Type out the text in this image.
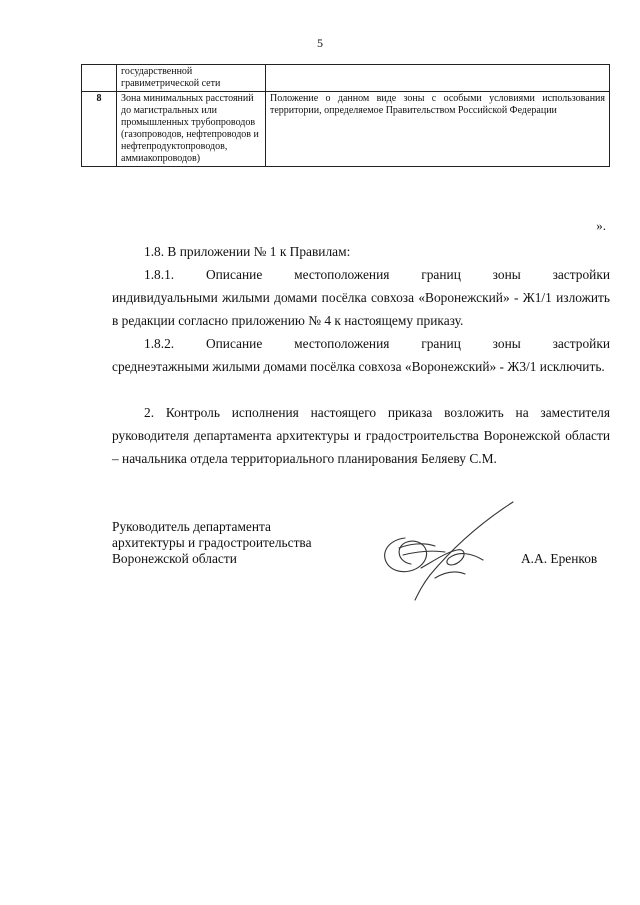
5
	государственной гравиметрической сети	
8	Зона минимальных расстояний до магистральных или промышленных трубопроводов (газопроводов, нефтепроводов и нефтепродуктопроводов, аммиакопроводов)	Положение о данном виде зоны с особыми условиями использования территории, определяемое Правительством Российской Федерации
».
1.8. В приложении № 1 к Правилам:
1.8.1. Описание местоположения границ зоны застройки
индивидуальными жилыми домами посёлка совхоза «Воронежский» - Ж1/1 изложить в редакции согласно приложению № 4 к настоящему приказу.
1.8.2. Описание местоположения границ зоны застройки
среднеэтажными жилыми домами посёлка совхоза «Воронежский» - Ж3/1 исключить.
2. Контроль исполнения настоящего приказа возложить на заместителя руководителя департамента архитектуры и градостроительства Воронежской области – начальника отдела территориального планирования Беляеву С.М.
Руководитель департамента
архитектуры и градостроительства
Воронежской области	А.А. Еренков
